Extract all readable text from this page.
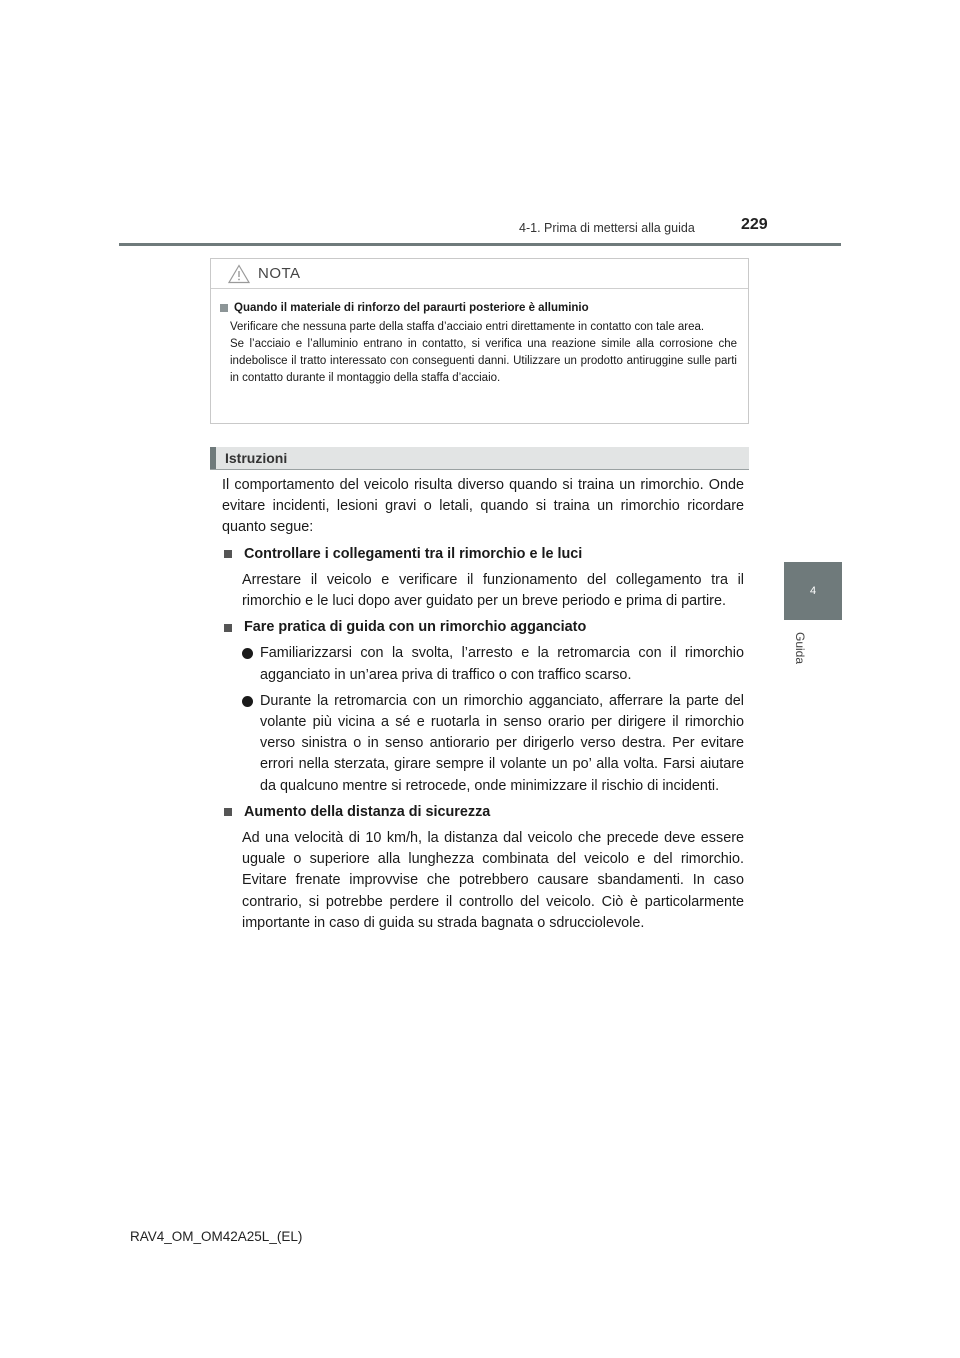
4-1. Prima di mettersi alla guida	229
4
Guida
NOTA
Quando il materiale di rinforzo del paraurti posteriore è alluminio

Verificare che nessuna parte della staffa d’acciaio entri direttamente in contatto con tale area.

Se l’acciaio e l’alluminio entrano in contatto, si verifica una reazione simile alla corrosione che indebolisce il tratto interessato con conseguenti danni. Utilizzare un prodotto antiruggine sulle parti in contatto durante il montaggio della staffa d’acciaio.

Istruzioni

Il comportamento del veicolo risulta diverso quando si traina un rimorchio. Onde evitare incidenti, lesioni gravi o letali, quando si traina un rimorchio ricordare quanto segue:

Controllare i collegamenti tra il rimorchio e le luci

Arrestare il veicolo e verificare il funzionamento del collegamento tra il rimorchio e le luci dopo aver guidato per un breve periodo e prima di partire.

Fare pratica di guida con un rimorchio agganciato
Familiarizzarsi con la svolta, l’arresto e la retromarcia con il rimorchio agganciato in un’area priva di traffico o con traffico scarso.
Durante la retromarcia con un rimorchio agganciato, afferrare la parte del volante più vicina a sé e ruotarla in senso orario per dirigere il rimorchio verso sinistra o in senso antiorario per dirigerlo verso destra. Per evitare errori nella sterzata, girare sempre il volante un po’ alla volta. Farsi aiutare da qualcuno mentre si retrocede, onde minimizzare il rischio di incidenti.
Aumento della distanza di sicurezza

Ad una velocità di 10 km/h, la distanza dal veicolo che precede deve essere uguale o superiore alla lunghezza combinata del veicolo e del rimorchio. Evitare frenate improvvise che potrebbero causare sbandamenti. In caso contrario, si potrebbe perdere il controllo del veicolo. Ciò è particolarmente importante in caso di guida su strada bagnata o sdrucciolevole.

RAV4_OM_OM42A25L_(EL)
